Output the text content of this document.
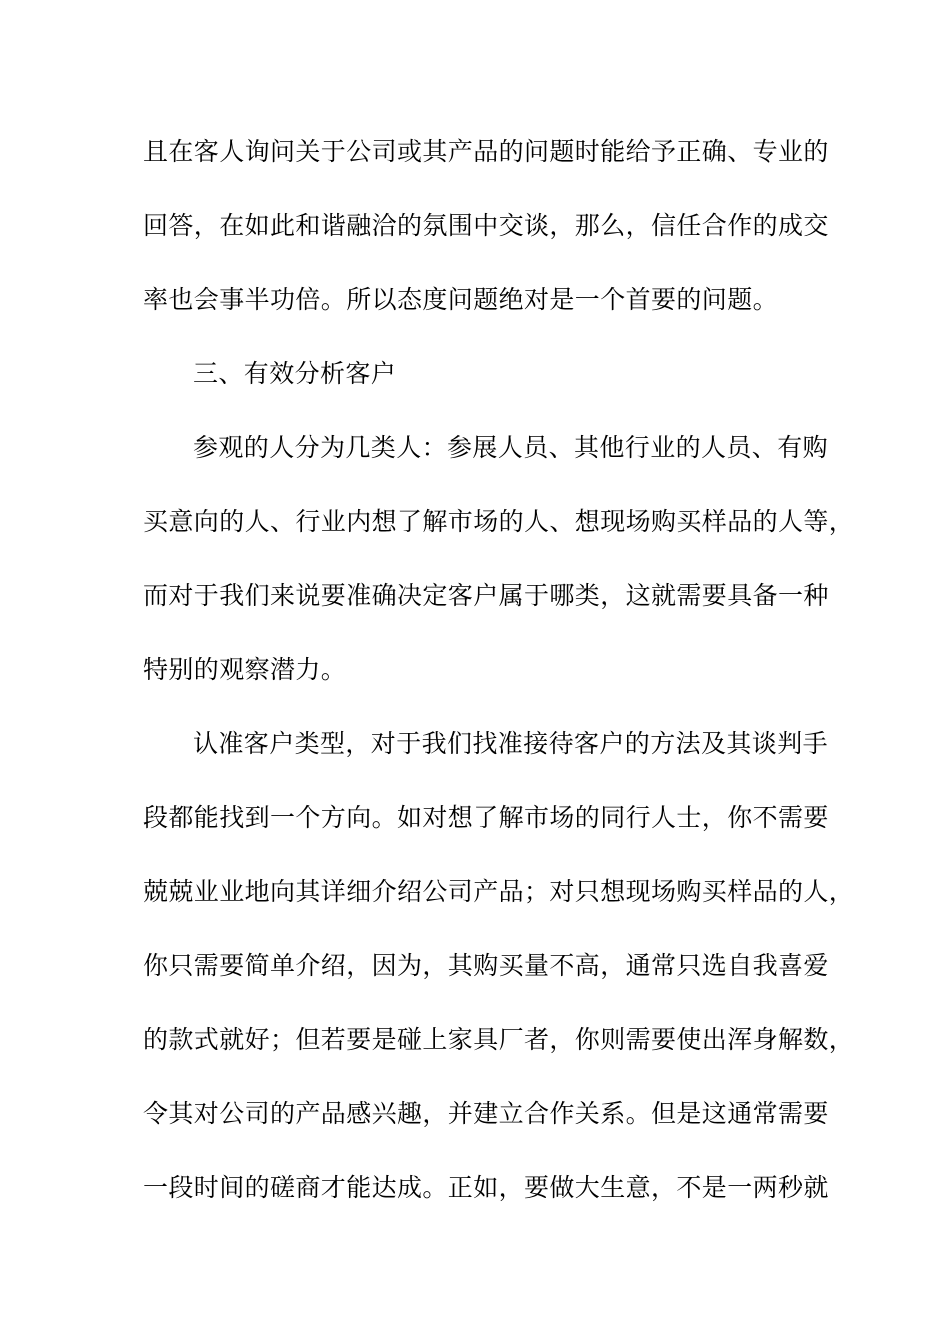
且在客人询问关于公司或其产品的问题时能给予正确、专业的
回答，在如此和谐融洽的氛围中交谈，那么，信任合作的成交
率也会事半功倍。所以态度问题绝对是一个首要的问题。
三、有效分析客户
参观的人分为几类人：参展人员、其他行业的人员、有购
买意向的人、行业内想了解市场的人、想现场购买样品的人等，
而对于我们来说要准确决定客户属于哪类，这就需要具备一种
特别的观察潜力。
认准客户类型，对于我们找准接待客户的方法及其谈判手
段都能找到一个方向。如对想了解市场的同行人士，你不需要
兢兢业业地向其详细介绍公司产品；对只想现场购买样品的人，
你只需要简单介绍，因为，其购买量不高，通常只选自我喜爱
的款式就好；但若要是碰上家具厂者，你则需要使出浑身解数，
令其对公司的产品感兴趣，并建立合作关系。但是这通常需要
一段时间的磋商才能达成。正如，要做大生意，不是一两秒就
